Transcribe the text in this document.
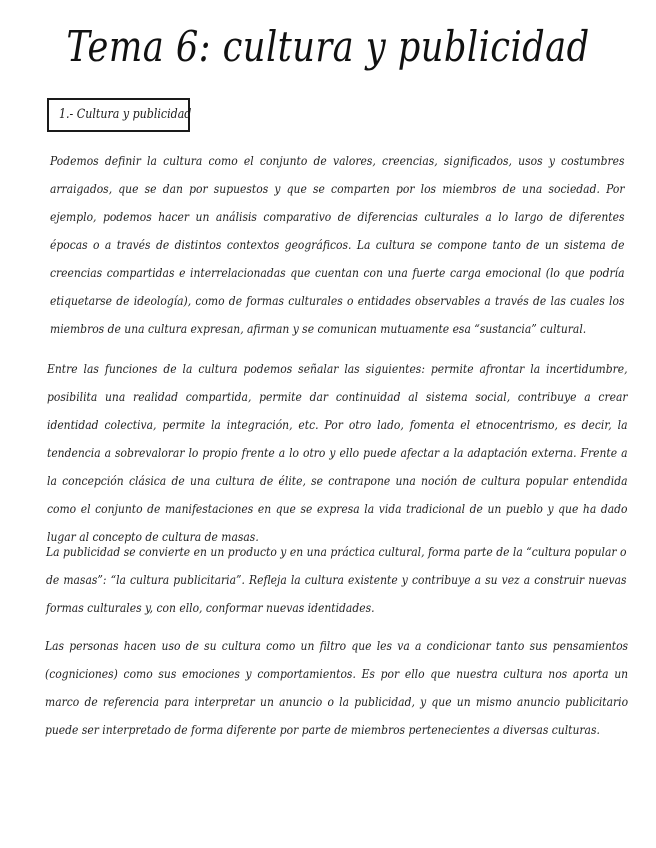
Tema 6: cultura y publicidad
1.- Cultura y publicidad
Podemos definir la cultura como el conjunto de valores, creencias, significados, usos y costumbres arraigados, que se dan por supuestos y que se comparten por los miembros de una sociedad. Por ejemplo, podemos hacer un análisis comparativo de diferencias culturales a lo largo de diferentes épocas o a través de distintos contextos geográficos. La cultura se compone tanto de un sistema de creencias compartidas e interrelacionadas que cuentan con una fuerte carga emocional (lo que podría etiquetarse de ideología), como de formas culturales o entidades observables a través de las cuales los miembros de una cultura expresan, afirman y se comunican mutuamente esa “sustancia” cultural.
Entre las funciones de la cultura podemos señalar las siguientes: permite afrontar la incertidumbre, posibilita una realidad compartida, permite dar continuidad al sistema social, contribuye a crear identidad colectiva, permite la integración, etc. Por otro lado, fomenta el etnocentrismo, es decir, la tendencia a sobrevalorar lo propio frente a lo otro y ello puede afectar a la adaptación externa. Frente a la concepción clásica de una cultura de élite, se contrapone una noción de cultura popular entendida como el conjunto de manifestaciones en que se expresa la vida tradicional de un pueblo y que ha dado lugar al concepto de cultura de masas.
La publicidad se convierte en un producto y en una práctica cultural, forma parte de la “cultura popular o de masas”: “la cultura publicitaria”. Refleja la cultura existente y contribuye a su vez a construir nuevas formas culturales y, con ello, conformar nuevas identidades.
Las personas hacen uso de su cultura como un filtro que les va a condicionar tanto sus pensamientos (cogniciones) como sus emociones y comportamientos. Es por ello que nuestra cultura nos aporta un marco de referencia para interpretar un anuncio o la publicidad, y que un mismo anuncio publicitario puede ser interpretado de forma diferente por parte de miembros pertenecientes a diversas culturas.
